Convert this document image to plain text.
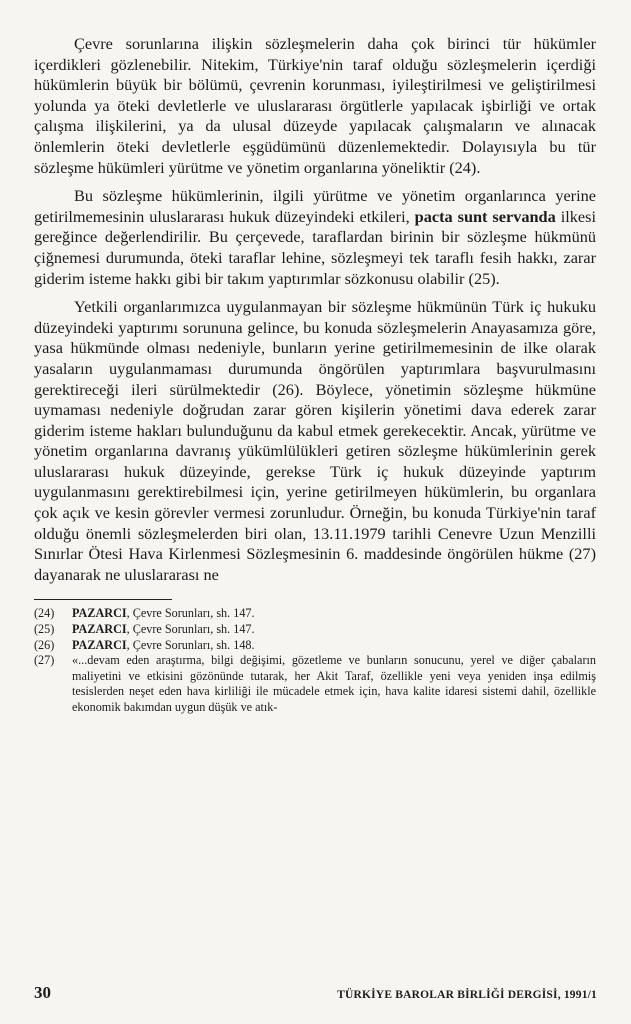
Çevre sorunlarına ilişkin sözleşmelerin daha çok birinci tür hükümler içerdikleri gözlenebilir. Nitekim, Türkiye'nin taraf olduğu sözleşmelerin içerdiği hükümlerin büyük bir bölümü, çevrenin korunması, iyileştirilmesi ve geliştirilmesi yolunda ya öteki devletlerle ve uluslararası örgütlerle yapılacak işbirliği ve ortak çalışma ilişkilerini, ya da ulusal düzeyde yapılacak çalışmaların ve alınacak önlemlerin öteki devletlerle eşgüdümünü düzenlemektedir. Dolayısıyla bu tür sözleşme hükümleri yürütme ve yönetim organlarına yöneliktir (24).

Bu sözleşme hükümlerinin, ilgili yürütme ve yönetim organlarınca yerine getirilmemesinin uluslararası hukuk düzeyindeki etkileri, pacta sunt servanda ilkesi gereğince değerlendirilir. Bu çerçevede, taraflardan birinin bir sözleşme hükmünü çiğnemesi durumunda, öteki taraflar lehine, sözleşmeyi tek taraflı fesih hakkı, zarar giderim isteme hakkı gibi bir takım yaptırımlar sözkonusu olabilir (25).

Yetkili organlarımızca uygulanmayan bir sözleşme hükmünün Türk iç hukuku düzeyindeki yaptırımı sorununa gelince, bu konuda sözleşmelerin Anayasamıza göre, yasa hükmünde olması nedeniyle, bunların yerine getirilmemesinin de ilke olarak yasaların uygulanmaması durumunda öngörülen yaptırımlara başvurulmasını gerektireceği ileri sürülmektedir (26). Böylece, yönetimin sözleşme hükmüne uymaması nedeniyle doğrudan zarar gören kişilerin yönetimi dava ederek zarar giderim isteme hakları bulunduğunu da kabul etmek gerekecektir. Ancak, yürütme ve yönetim organlarına davranış yükümlülükleri getiren sözleşme hükümlerinin gerek uluslararası hukuk düzeyinde, gerekse Türk iç hukuk düzeyinde yaptırım uygulanmasını gerektirebilmesi için, yerine getirilmeyen hükümlerin, bu organlara çok açık ve kesin görevler vermesi zorunludur. Örneğin, bu konuda Türkiye'nin taraf olduğu önemli sözleşmelerden biri olan, 13.11.1979 tarihli Cenevre Uzun Menzilli Sınırlar Ötesi Hava Kirlenmesi Sözleşmesinin 6. maddesinde öngörülen hükme (27) dayanarak ne uluslararası ne

(24)	PAZARCI, Çevre Sorunları, sh. 147.

(25)	PAZARCI, Çevre Sorunları, sh. 147.

(26)	PAZARCI, Çevre Sorunları, sh. 148.

(27)	«...devam eden araştırma, bilgi değişimi, gözetleme ve bunların sonucunu, yerel ve diğer çabaların maliyetini ve etkisini gözönünde tutarak, her Akit Taraf, özellikle yeni veya yeniden inşa edilmiş tesislerden neşet eden hava kirliliği ile mücadele etmek için, hava kalite idaresi sistemi dahil, özellikle ekonomik bakımdan uygun düşük ve atık-

30	TÜRKİYE BAROLAR BİRLİĞİ DERGİSİ, 1991/1
